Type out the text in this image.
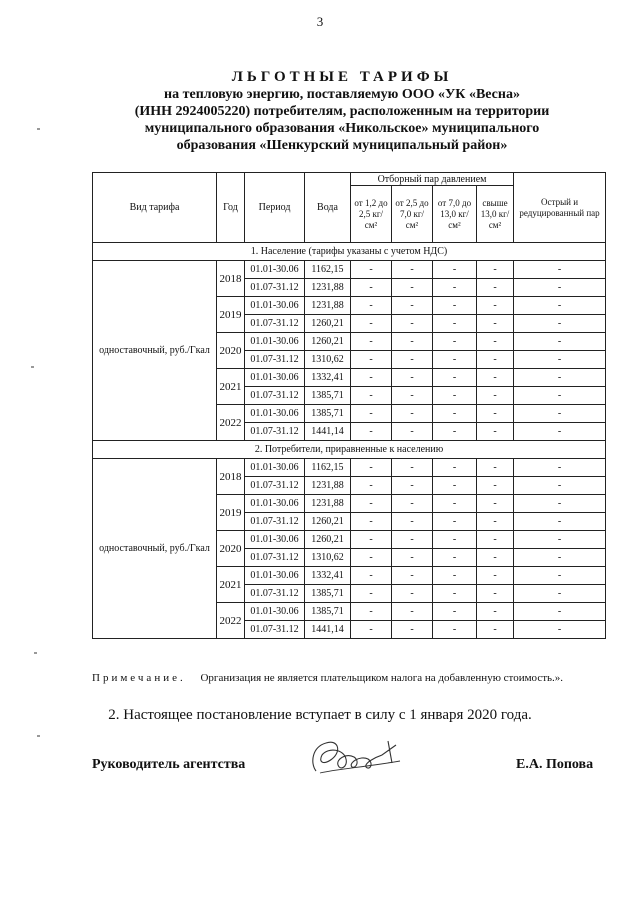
3
ЛЬГОТНЫЕ ТАРИФЫ
на тепловую энергию, поставляемую ООО «УК «Весна»
(ИНН 2924005220) потребителям, расположенным на территории
муниципального образования «Никольское» муниципального
образования «Шенкурский муниципальный район»
Вид тарифа	Год	Период	Вода	Отборный пар давлением				Острый и редуцированный пар
				от 1,2 до 2,5 кг/см²	от 2,5 до 7,0 кг/см²	от 7,0 до 13,0 кг/см²	свыше 13,0 кг/см²	
1. Население (тарифы указаны с учетом НДС)								
одноставочный, руб./Гкал	2018	01.01-30.06	1162,15	-	-	-	-	-
		01.07-31.12	1231,88	-	-	-	-	-
	2019	01.01-30.06	1231,88	-	-	-	-	-
		01.07-31.12	1260,21	-	-	-	-	-
	2020	01.01-30.06	1260,21	-	-	-	-	-
		01.07-31.12	1310,62	-	-	-	-	-
	2021	01.01-30.06	1332,41	-	-	-	-	-
		01.07-31.12	1385,71	-	-	-	-	-
	2022	01.01-30.06	1385,71	-	-	-	-	-
		01.07-31.12	1441,14	-	-	-	-	-
2. Потребители, приравненные к населению								
одноставочный, руб./Гкал	2018	01.01-30.06	1162,15	-	-	-	-	-
		01.07-31.12	1231,88	-	-	-	-	-
	2019	01.01-30.06	1231,88	-	-	-	-	-
		01.07-31.12	1260,21	-	-	-	-	-
	2020	01.01-30.06	1260,21	-	-	-	-	-
		01.07-31.12	1310,62	-	-	-	-	-
	2021	01.01-30.06	1332,41	-	-	-	-	-
		01.07-31.12	1385,71	-	-	-	-	-
	2022	01.01-30.06	1385,71	-	-	-	-	-
		01.07-31.12	1441,14	-	-	-	-	-
Примечание. Организация не является плательщиком налога на добавленную стоимость.».
2. Настоящее постановление вступает в силу с 1 января 2020 года.
Руководитель агентства	Е.А. Попова
